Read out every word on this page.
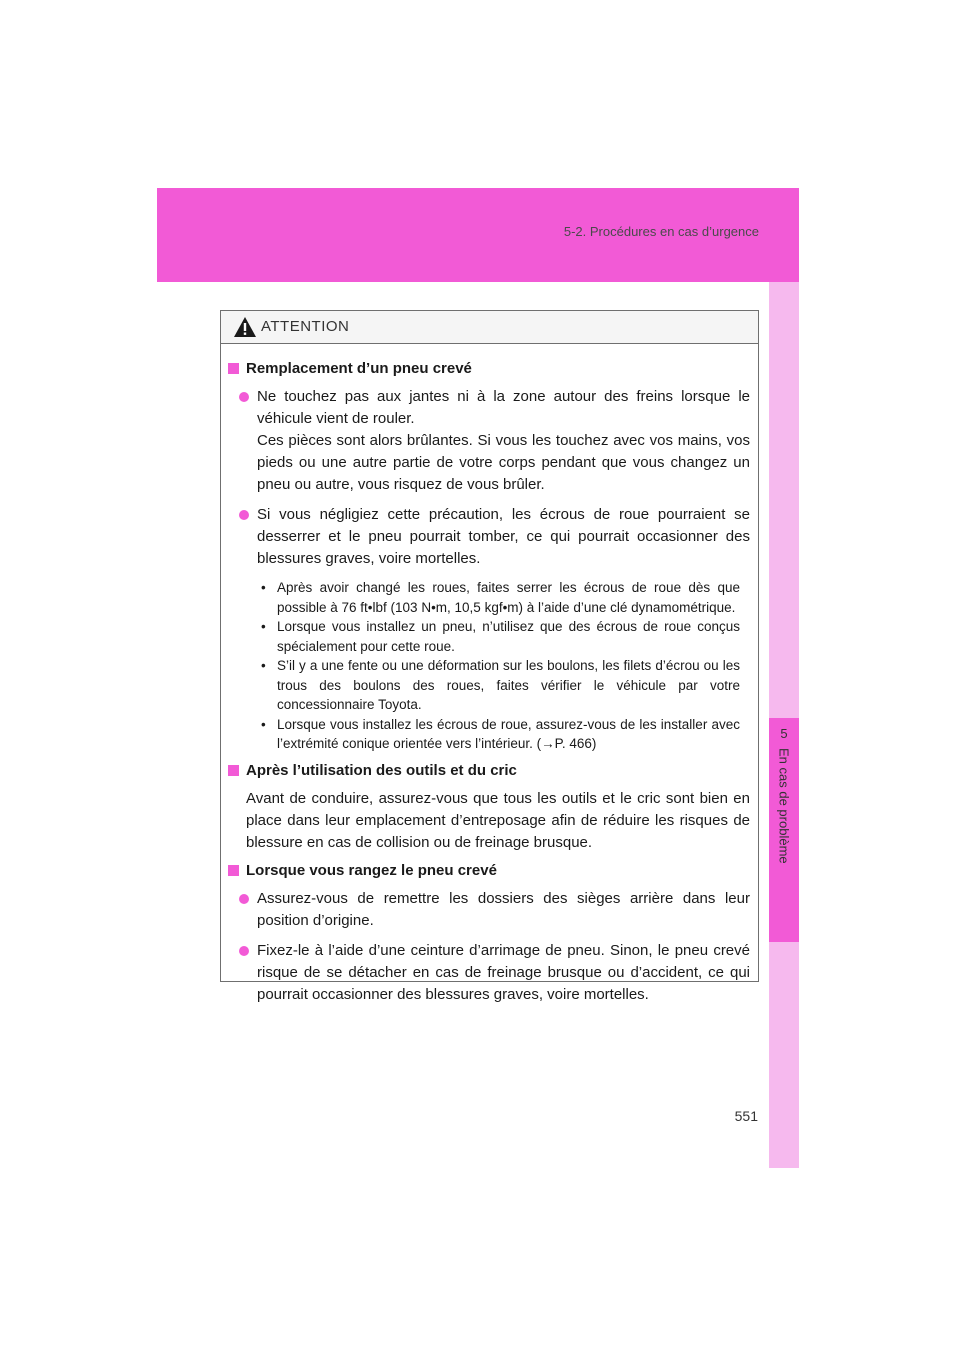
5-2. Procédures en cas d’urgence
5
En cas de problème
ATTENTION
Remplacement d’un pneu crevé

Ne touchez pas aux jantes ni à la zone autour des freins lorsque le véhicule vient de rouler.

Ces pièces sont alors brûlantes. Si vous les touchez avec vos mains, vos pieds ou une autre partie de votre corps pendant que vous changez un pneu ou autre, vous risquez de vous brûler.

Si vous négligiez cette précaution, les écrous de roue pourraient se desserrer et le pneu pourrait tomber, ce qui pourrait occasionner des blessures graves, voire mortelles.

• Après avoir changé les roues, faites serrer les écrous de roue dès que possible à 76 ft•lbf (103 N•m, 10,5 kgf•m) à l’aide d’une clé dynamométrique.
• Lorsque vous installez un pneu, n’utilisez que des écrous de roue conçus spécialement pour cette roue.
• S’il y a une fente ou une déformation sur les boulons, les filets d’écrou ou les trous des boulons des roues, faites vérifier le véhicule par votre concessionnaire Toyota.
• Lorsque vous installez les écrous de roue, assurez-vous de les installer avec l’extrémité conique orientée vers l’intérieur. (→P. 466)
Après l’utilisation des outils et du cric

Avant de conduire, assurez-vous que tous les outils et le cric sont bien en place dans leur emplacement d’entreposage afin de réduire les risques de blessure en cas de collision ou de freinage brusque.

Lorsque vous rangez le pneu crevé

Assurez-vous de remettre les dossiers des sièges arrière dans leur position d’origine.

Fixez-le à l’aide d’une ceinture d’arrimage de pneu. Sinon, le pneu crevé risque de se détacher en cas de freinage brusque ou d’accident, ce qui pourrait occasionner des blessures graves, voire mortelles.

551
